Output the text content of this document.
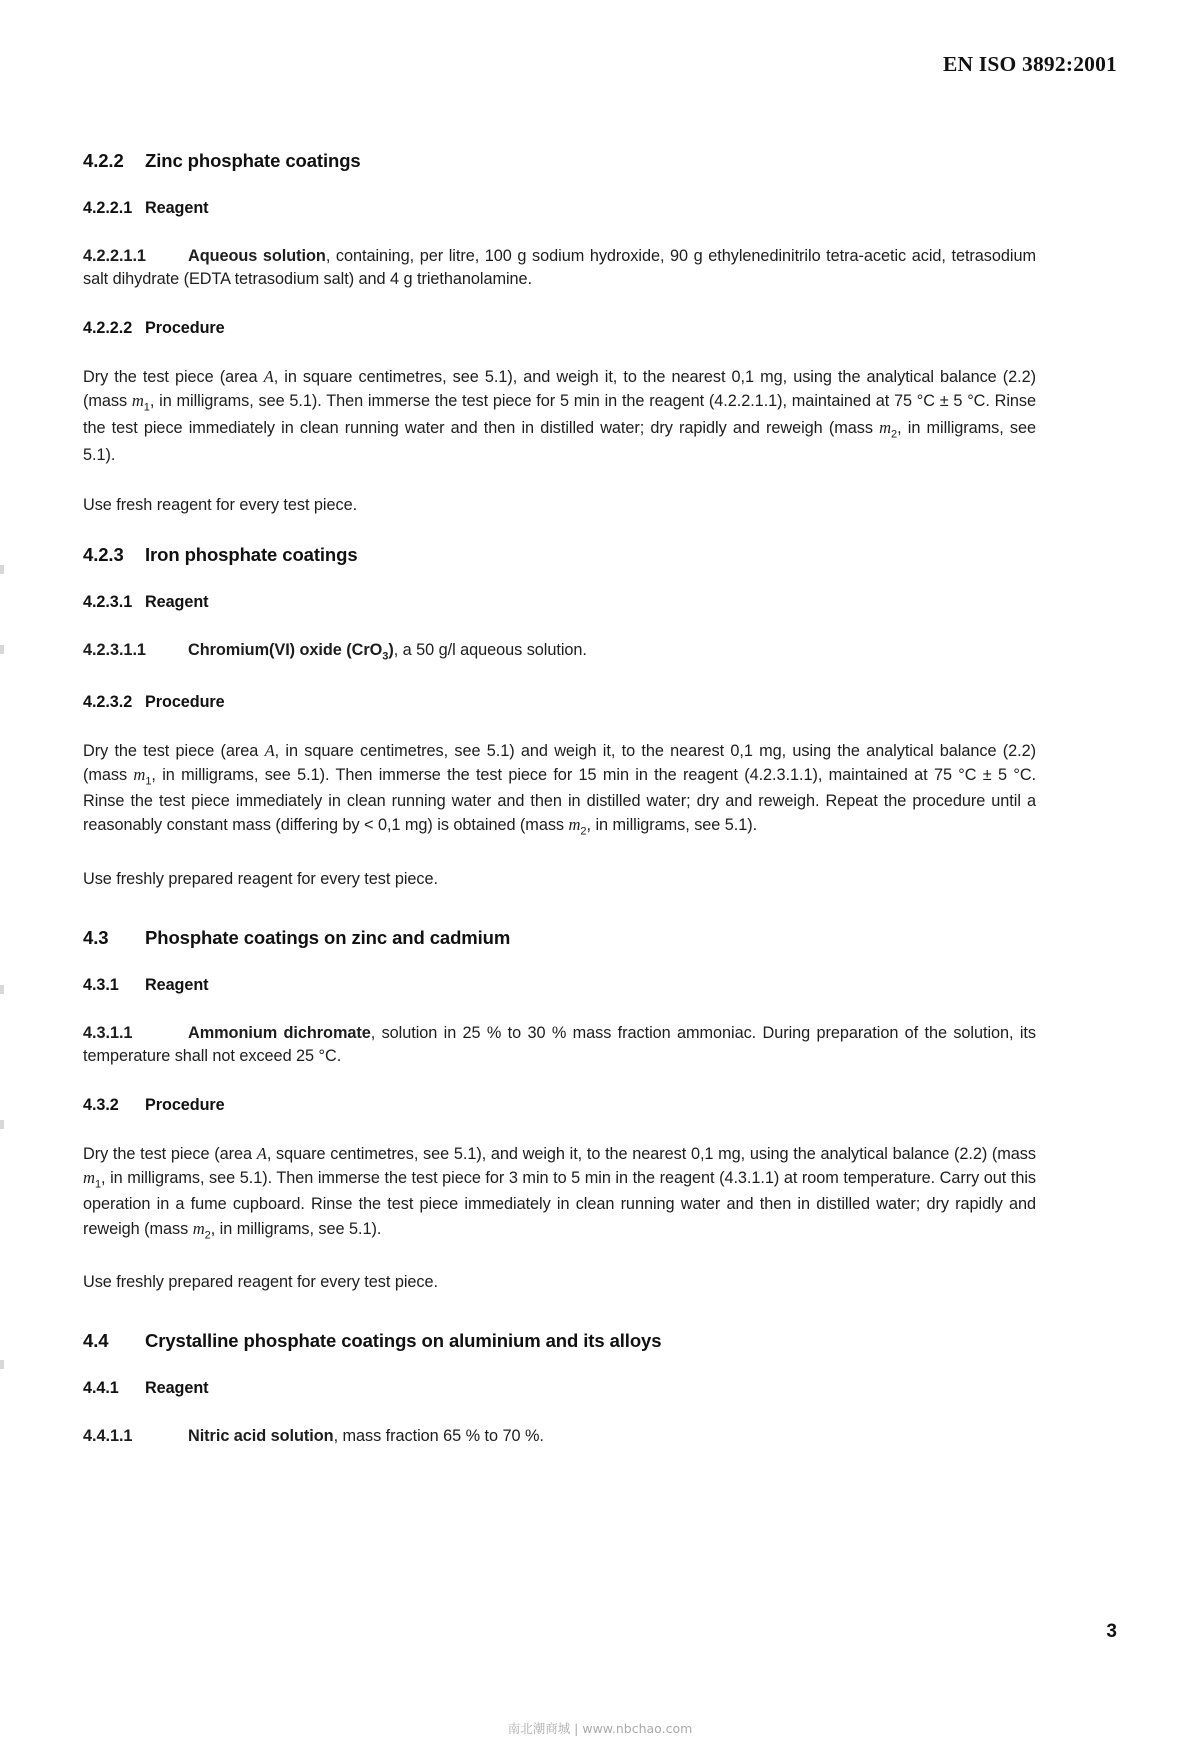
EN ISO 3892:2001
4.2.2 Zinc phosphate coatings
4.2.2.1 Reagent

4.2.2.1.1	Aqueous solution, containing, per litre, 100 g sodium hydroxide, 90 g ethylenedinitrilo tetra-acetic acid, tetrasodium salt dihydrate (EDTA tetrasodium salt) and 4 g triethanolamine.

4.2.2.2 Procedure

Dry the test piece (area A, in square centimetres, see 5.1), and weigh it, to the nearest 0,1 mg, using the analytical balance (2.2) (mass $m_1$, in milligrams, see 5.1). Then immerse the test piece for 5 min in the reagent (4.2.2.1.1), maintained at 75 °C ± 5 °C. Rinse the test piece immediately in clean running water and then in distilled water; dry rapidly and reweigh (mass $m_2$, in milligrams, see 5.1).

Use fresh reagent for every test piece.

4.2.3 Iron phosphate coatings
4.2.3.1 Reagent

4.2.3.1.1	Chromium(VI) oxide (CrO$_3$), a 50 g/l aqueous solution.

4.2.3.2 Procedure

Dry the test piece (area A, in square centimetres, see 5.1) and weigh it, to the nearest 0,1 mg, using the analytical balance (2.2) (mass $m_1$, in milligrams, see 5.1). Then immerse the test piece for 15 min in the reagent (4.2.3.1.1), maintained at 75 °C ± 5 °C. Rinse the test piece immediately in clean running water and then in distilled water; dry and reweigh. Repeat the procedure until a reasonably constant mass (differing by < 0,1 mg) is obtained (mass $m_2$, in milligrams, see 5.1).

Use freshly prepared reagent for every test piece.

4.3 Phosphate coatings on zinc and cadmium
4.3.1 Reagent

4.3.1.1	Ammonium dichromate, solution in 25 % to 30 % mass fraction ammoniac. During preparation of the solution, its temperature shall not exceed 25 °C.

4.3.2 Procedure

Dry the test piece (area A, square centimetres, see 5.1), and weigh it, to the nearest 0,1 mg, using the analytical balance (2.2) (mass $m_1$, in milligrams, see 5.1). Then immerse the test piece for 3 min to 5 min in the reagent (4.3.1.1) at room temperature. Carry out this operation in a fume cupboard. Rinse the test piece immediately in clean running water and then in distilled water; dry rapidly and reweigh (mass $m_2$, in milligrams, see 5.1).

Use freshly prepared reagent for every test piece.

4.4 Crystalline phosphate coatings on aluminium and its alloys
4.4.1 Reagent

4.4.1.1	Nitric acid solution, mass fraction 65 % to 70 %.

3
南北潮商城 | www.nbchao.com
